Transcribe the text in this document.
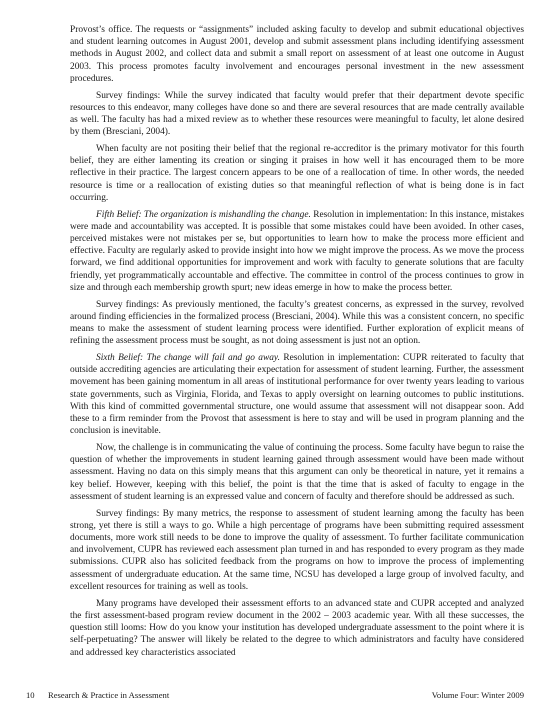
Provost’s office. The requests or “assignments” included asking faculty to develop and submit educational objectives and student learning outcomes in August 2001, develop and submit assessment plans including identifying assessment methods in August 2002, and collect data and submit a small report on assessment of at least one outcome in August 2003. This process promotes faculty involvement and encourages personal investment in the new assessment procedures.

Survey findings: While the survey indicated that faculty would prefer that their department devote specific resources to this endeavor, many colleges have done so and there are several resources that are made centrally available as well. The faculty has had a mixed review as to whether these resources were meaningful to faculty, let alone desired by them (Bresciani, 2004).

When faculty are not positing their belief that the regional re-accreditor is the primary motivator for this fourth belief, they are either lamenting its creation or singing it praises in how well it has encouraged them to be more reflective in their practice. The largest concern appears to be one of a reallocation of time. In other words, the needed resource is time or a reallocation of existing duties so that meaningful reflection of what is being done is in fact occurring.

Fifth Belief: The organization is mishandling the change. Resolution in implementation: In this instance, mistakes were made and accountability was accepted. It is possible that some mistakes could have been avoided. In other cases, perceived mistakes were not mistakes per se, but opportunities to learn how to make the process more efficient and effective. Faculty are regularly asked to provide insight into how we might improve the process. As we move the process forward, we find additional opportunities for improvement and work with faculty to generate solutions that are faculty friendly, yet programmatically accountable and effective. The committee in control of the process continues to grow in size and through each membership growth spurt; new ideas emerge in how to make the process better.

Survey findings: As previously mentioned, the faculty’s greatest concerns, as expressed in the survey, revolved around finding efficiencies in the formalized process (Bresciani, 2004). While this was a consistent concern, no specific means to make the assessment of student learning process were identified. Further exploration of explicit means of refining the assessment process must be sought, as not doing assessment is just not an option.

Sixth Belief: The change will fail and go away. Resolution in implementation: CUPR reiterated to faculty that outside accrediting agencies are articulating their expectation for assessment of student learning. Further, the assessment movement has been gaining momentum in all areas of institutional performance for over twenty years leading to various state governments, such as Virginia, Florida, and Texas to apply oversight on learning outcomes to public institutions. With this kind of committed governmental structure, one would assume that assessment will not disappear soon. Add these to a firm reminder from the Provost that assessment is here to stay and will be used in program planning and the conclusion is inevitable.

Now, the challenge is in communicating the value of continuing the process. Some faculty have begun to raise the question of whether the improvements in student learning gained through assessment would have been made without assessment. Having no data on this simply means that this argument can only be theoretical in nature, yet it remains a key belief. However, keeping with this belief, the point is that the time that is asked of faculty to engage in the assessment of student learning is an expressed value and concern of faculty and therefore should be addressed as such.

Survey findings: By many metrics, the response to assessment of student learning among the faculty has been strong, yet there is still a ways to go. While a high percentage of programs have been submitting required assessment documents, more work still needs to be done to improve the quality of assessment. To further facilitate communication and involvement, CUPR has reviewed each assessment plan turned in and has responded to every program as they made submissions. CUPR also has solicited feedback from the programs on how to improve the process of implementing assessment of undergraduate education. At the same time, NCSU has developed a large group of involved faculty, and excellent resources for training as well as tools.

Many programs have developed their assessment efforts to an advanced state and CUPR accepted and analyzed the first assessment-based program review document in the 2002 – 2003 academic year. With all these successes, the question still looms: How do you know your institution has developed undergraduate assessment to the point where it is self-perpetuating? The answer will likely be related to the degree to which administrators and faculty have considered and addressed key characteristics associated

10 Research & Practice in Assessment	Volume Four: Winter 2009
